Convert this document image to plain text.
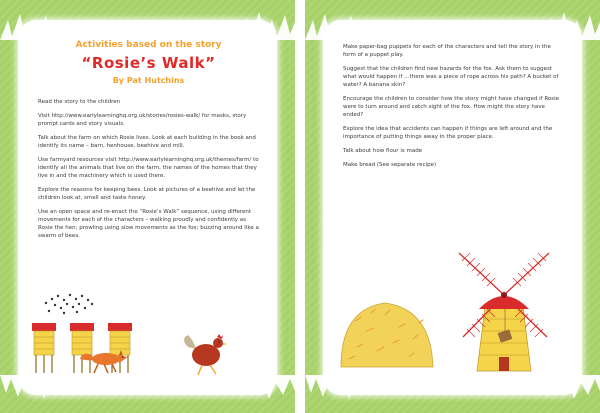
Activities based on the story
“Rosie’s Walk”
By Pat Hutchins

Read the story to the children

Visit http://www.earlylearninghq.org.uk/stories/rosies-walk/ for masks, story prompt cards and story visuals.

Talk about the farm on which Rosie lives. Look at each building in the book and identify its name – barn, henhouse, beehive and mill.

Use farmyard resources visit http://www.earlylearninghq.org.uk/themes/farm/ to identify all the animals that live on the farm, the names of the homes that they live in and the machinery which is used there.

Explore the reasons for keeping bees. Look at pictures of a beehive and let the children look at, smell and taste honey.

Use an open space and re-enact the “Rosie’s Walk” sequence, using different movements for each of the characters – walking proudly and confidently as Rosie the hen; prowling using slow movements as the fox; buzzing around like a swarm of bees.

Make paper-bag puppets for each of the characters and tell the story in the form of a puppet play.

Suggest that the children find new hazards for the fox. Ask them to suggest what would happen if …there was a piece of rope across his path? A bucket of water? A banana skin?

Encourage the children to consider how the story might have changed if Rosie were to turn around and catch sight of the fox. How might the story have ended?

Explore the idea that accidents can happen if things are left around and the importance of putting things away in the proper place.

Talk about how flour is made

Make bread (See separate recipe)
